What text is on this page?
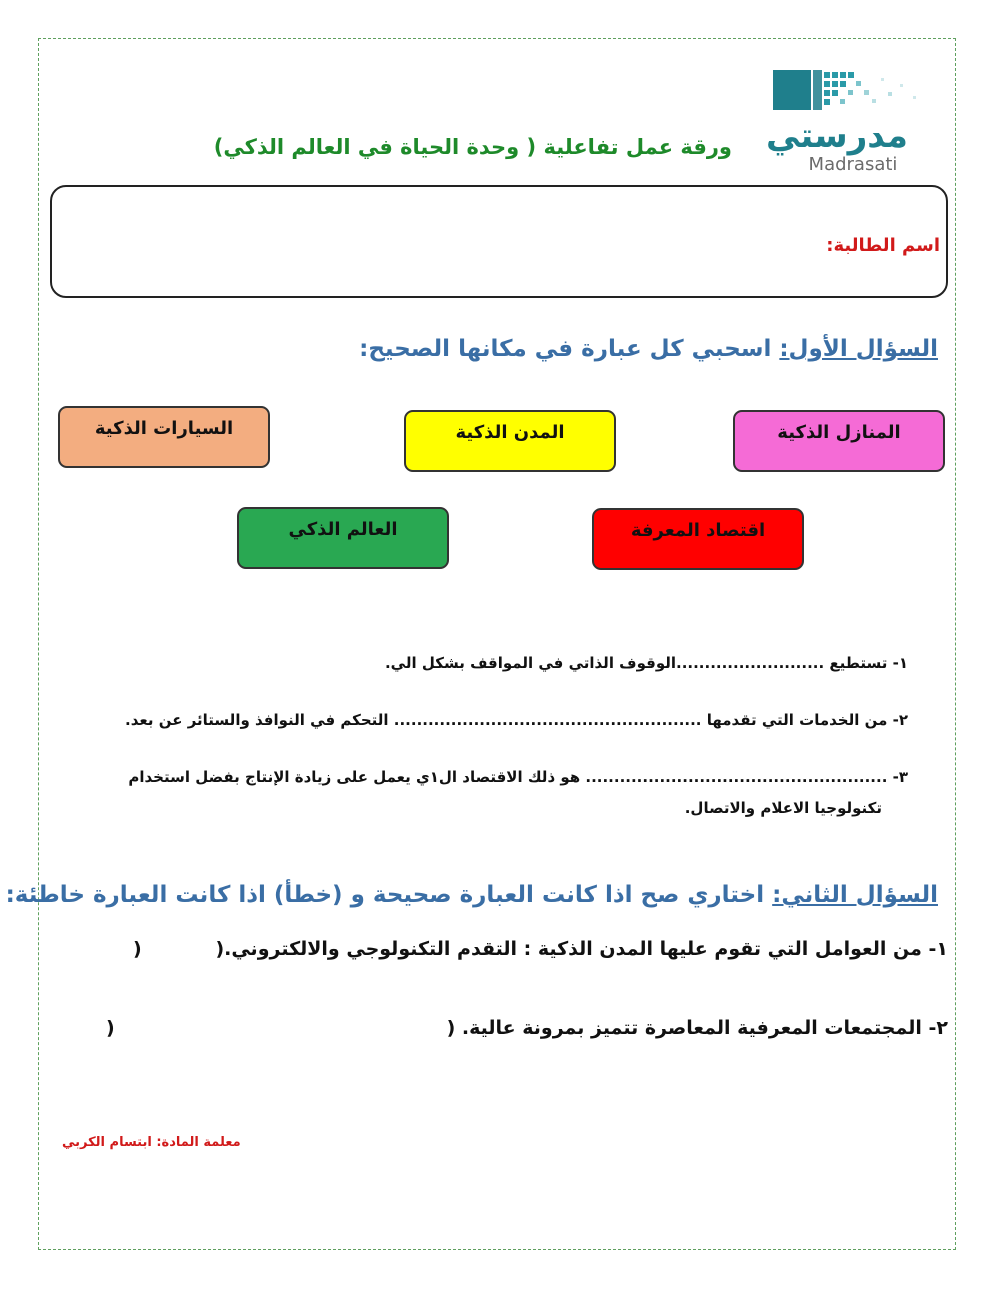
مدرستي
Madrasati
ورقة عمل تفاعلية ( وحدة الحياة في العالم الذكي)
اسم الطالبة:
السؤال الأول: اسحبي كل عبارة في مكانها الصحيح:
السيارات الذكية	المدن الذكية	المنازل الذكية
العالم الذكي	اقتصاد المعرفة
١- تستطيع ..........................الوقوف الذاتي في المواقف بشكل الي.
٢- من الخدمات التي تقدمها ...................................................... التحكم في النوافذ والستائر عن بعد.
٣- ..................................................... هو ذلك الاقتصاد ال١ي يعمل على زيادة الإنتاج بفضل استخدام
تكنولوجيا الاعلام والاتصال.
السؤال الثاني: اختاري صح اذا كانت العبارة صحيحة و (خطأ) اذا كانت العبارة خاطئة:
١- من العوامل التي تقوم عليها المدن الذكية : التقدم التكنولوجي والالكتروني.(
)
٢- المجتمعات المعرفية المعاصرة تتميز بمرونة عالية. (
)
معلمة المادة: ابتسام الكربي
